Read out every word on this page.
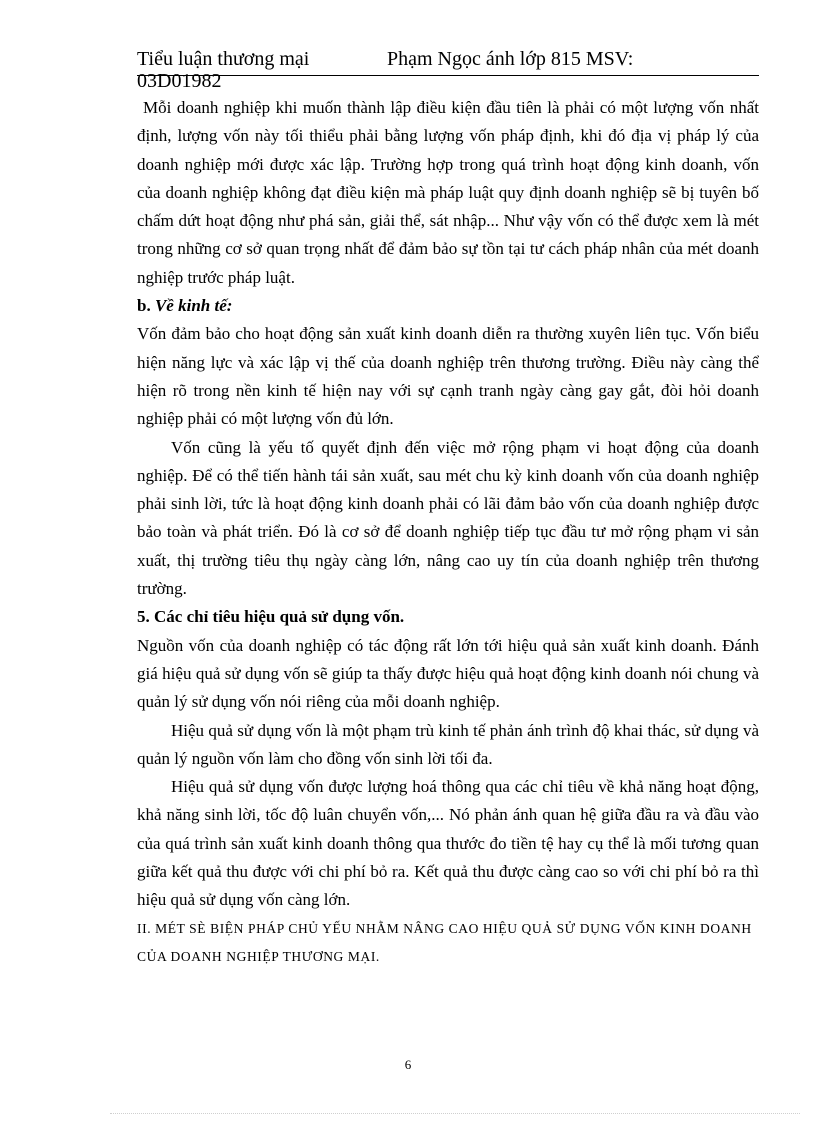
Tiểu luận thương mại	Phạm Ngọc ánh lớp 815 MSV:
03D01982

Mỗi doanh nghiệp khi muốn thành lập điều kiện đầu tiên là phải có một lượng vốn nhất định, lượng vốn này tối thiểu phải bằng lượng vốn pháp định, khi đó địa vị pháp lý của doanh nghiệp mới được xác lập. Trường hợp trong quá trình hoạt động kinh doanh, vốn của doanh nghiệp không đạt điều kiện mà pháp luật quy định doanh nghiệp sẽ bị tuyên bố chấm dứt hoạt động như phá sản, giải thể, sát nhập... Như vậy vốn có thể được xem là mét trong những cơ sở quan trọng nhất để đảm bảo sự tồn tại tư cách pháp nhân của mét doanh nghiệp trước pháp luật.

b. Về kinh tế:

Vốn đảm bảo cho hoạt động sản xuất kinh doanh diễn ra thường xuyên liên tục. Vốn biểu hiện năng lực và xác lập vị thế của doanh nghiệp trên thương trường. Điều này càng thể hiện rõ trong nền kinh tế hiện nay với sự cạnh tranh ngày càng gay gắt, đòi hỏi doanh nghiệp phải có một lượng vốn đủ lớn.

Vốn cũng là yếu tố quyết định đến việc mở rộng phạm vi hoạt động của doanh nghiệp. Để có thể tiến hành tái sản xuất, sau mét chu kỳ kinh doanh vốn của doanh nghiệp phải sinh lời, tức là hoạt động kinh doanh phải có lãi đảm bảo vốn của doanh nghiệp được bảo toàn và phát triển. Đó là cơ sở để doanh nghiệp tiếp tục đầu tư mở rộng phạm vi sản xuất, thị trường tiêu thụ ngày càng lớn, nâng cao uy tín của doanh nghiệp trên thương trường.

5. Các chỉ tiêu hiệu quả sử dụng vốn.

Nguồn vốn của doanh nghiệp có tác động rất lớn tới hiệu quả sản xuất kinh doanh. Đánh giá hiệu quả sử dụng vốn sẽ giúp ta thấy được hiệu quả hoạt động kinh doanh nói chung và quản lý sử dụng vốn nói riêng của mỗi doanh nghiệp.

Hiệu quả sử dụng vốn là một phạm trù kinh tế phản ánh trình độ khai thác, sử dụng và quản lý nguồn vốn làm cho đồng vốn sinh lời tối đa.

Hiệu quả sử dụng vốn được lượng hoá thông qua các chỉ tiêu về khả năng hoạt động, khả năng sinh lời, tốc độ luân chuyển vốn,... Nó phản ánh quan hệ giữa đầu ra và đầu vào của quá trình sản xuất kinh doanh thông qua thước đo tiền tệ hay cụ thể là mối tương quan giữa kết quả thu được với chi phí bỏ ra. Kết quả thu được càng cao so với chi phí bỏ ra thì hiệu quả sử dụng vốn càng lớn.

II. MÉT SÈ BIỆN PHÁP CHỦ YẾU NHẰM NÂNG CAO HIỆU QUẢ SỬ DỤNG VỐN KINH DOANH CỦA DOANH NGHIỆP THƯƠNG MẠI.

6
